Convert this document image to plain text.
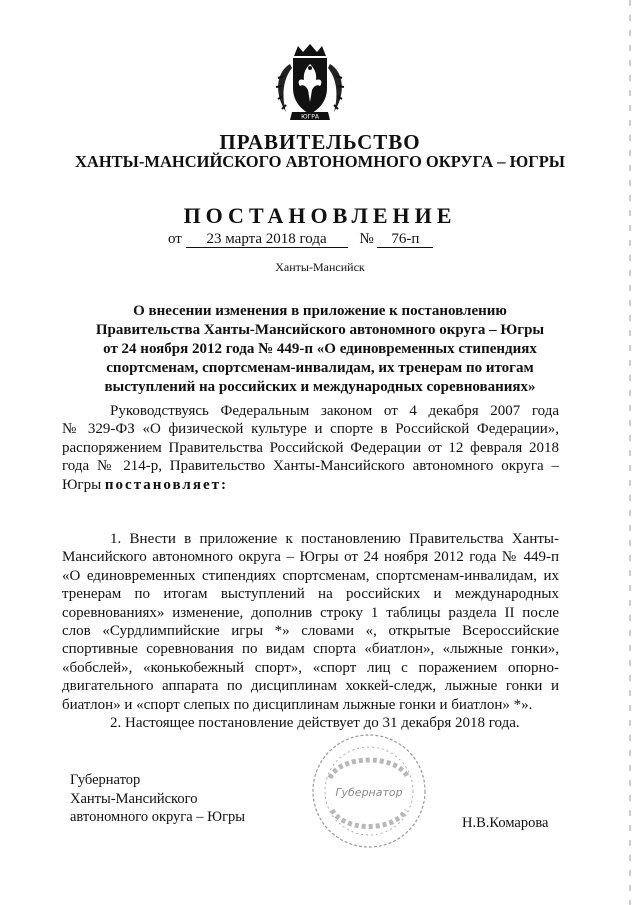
ЮГРА
ПРАВИТЕЛЬСТВО
ХАНТЫ-МАНСИЙСКОГО АВТОНОМНОГО ОКРУГА – ЮГРЫ
ПОСТАНОВЛЕНИЕ
от 23 марта 2018 года № 76-п
Ханты-Мансийск
О внесении изменения в приложение к постановлению
Правительства Ханты-Мансийского автономного округа – Югры
от 24 ноября 2012 года № 449-п «О единовременных стипендиях
спортсменам, спортсменам-инвалидам, их тренерам по итогам
выступлений на российских и международных соревнованиях»
Руководствуясь Федеральным законом от 4 декабря 2007 года
№ 329-ФЗ «О физической культуре и спорте в Российской Федерации»,
распоряжением Правительства Российской Федерации от 12 февраля 2018
года № 214-р, Правительство Ханты-Мансийского автономного округа –
Югры постановляет:
1. Внести в приложение к постановлению Правительства Ханты-
Мансийского автономного округа – Югры от 24 ноября 2012 года № 449-п
«О единовременных стипендиях спортсменам, спортсменам-инвалидам, их
тренерам по итогам выступлений на российских и международных
соревнованиях» изменение, дополнив строку 1 таблицы раздела II после
слов «Сурдлимпийские игры *» словами «, открытые Всероссийские
спортивные соревнования по видам спорта «биатлон», «лыжные гонки»,
«бобслей», «конькобежный спорт», «спорт лиц с поражением опорно-
двигательного аппарата по дисциплинам хоккей-следж, лыжные гонки и
биатлон» и «спорт слепых по дисциплинам лыжные гонки и биатлон» *».
2. Настоящее постановление действует до 31 декабря 2018 года.
Губернатор
Губернатор
Ханты-Мансийского
автономного округа – Югры	Н.В.Комарова
